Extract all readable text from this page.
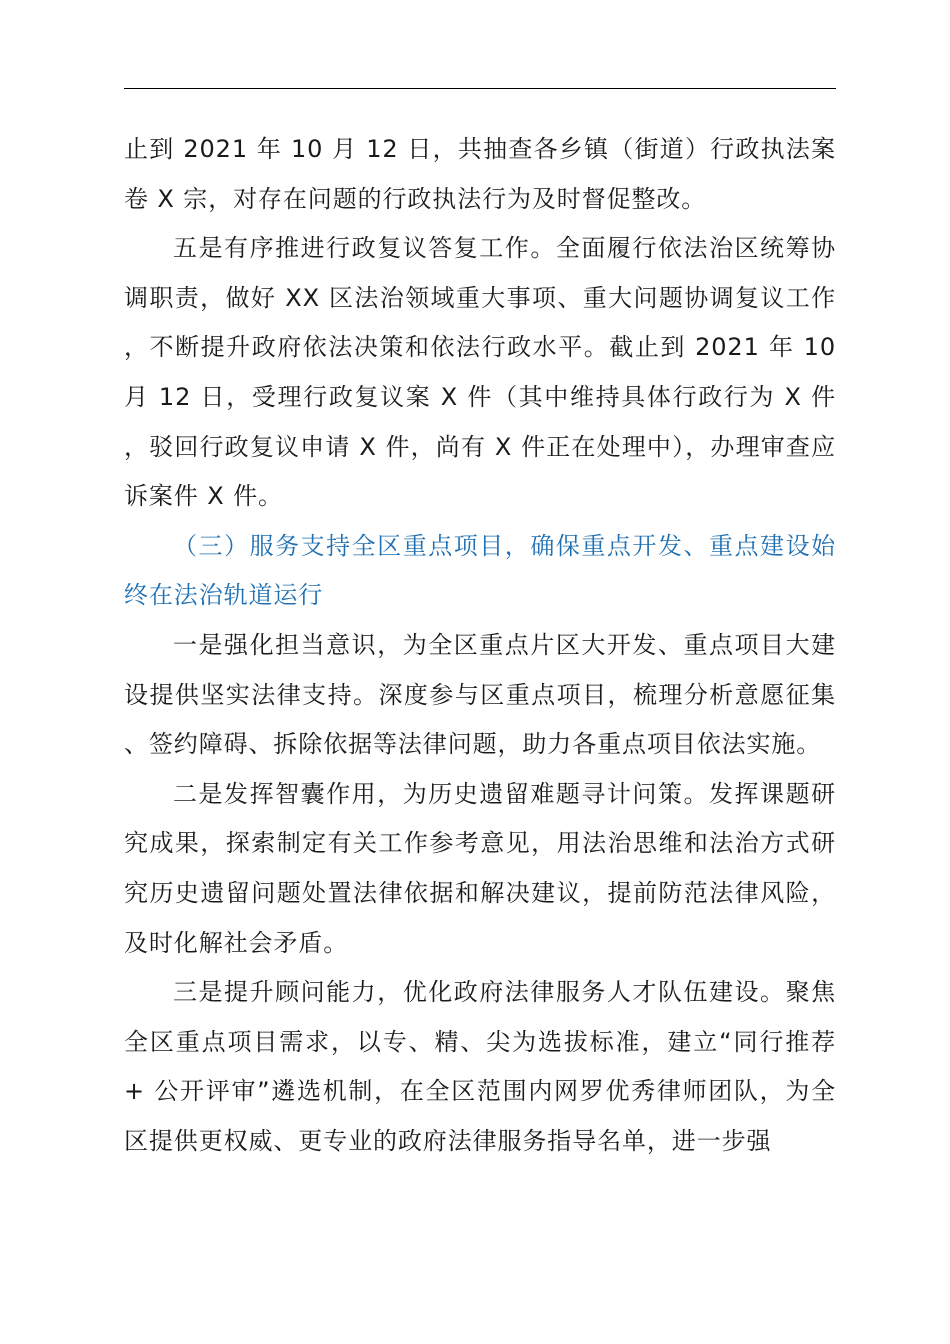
止到 2021 年 10 月 12 日，共抽查各乡镇（街道）行政执法案卷 X 宗，对存在问题的行政执法行为及时督促整改。

五是有序推进行政复议答复工作。全面履行依法治区统筹协调职责，做好 XX 区法治领域重大事项、重大问题协调复议工作，不断提升政府依法决策和依法行政水平。截止到 2021 年 10 月 12 日，受理行政复议案 X 件（其中维持具体行政行为 X 件，驳回行政复议申请 X 件，尚有 X 件正在处理中），办理审查应诉案件 X 件。

（三）服务支持全区重点项目，确保重点开发、重点建设始终在法治轨道运行

一是强化担当意识，为全区重点片区大开发、重点项目大建设提供坚实法律支持。深度参与区重点项目，梳理分析意愿征集、签约障碍、拆除依据等法律问题，助力各重点项目依法实施。

二是发挥智囊作用，为历史遗留难题寻计问策。发挥课题研究成果，探索制定有关工作参考意见，用法治思维和法治方式研究历史遗留问题处置法律依据和解决建议，提前防范法律风险，及时化解社会矛盾。

三是提升顾问能力，优化政府法律服务人才队伍建设。聚焦全区重点项目需求，以专、精、尖为选拔标准，建立“同行推荐 + 公开评审”遴选机制，在全区范围内网罗优秀律师团队，为全区提供更权威、更专业的政府法律服务指导名单，进一步强
